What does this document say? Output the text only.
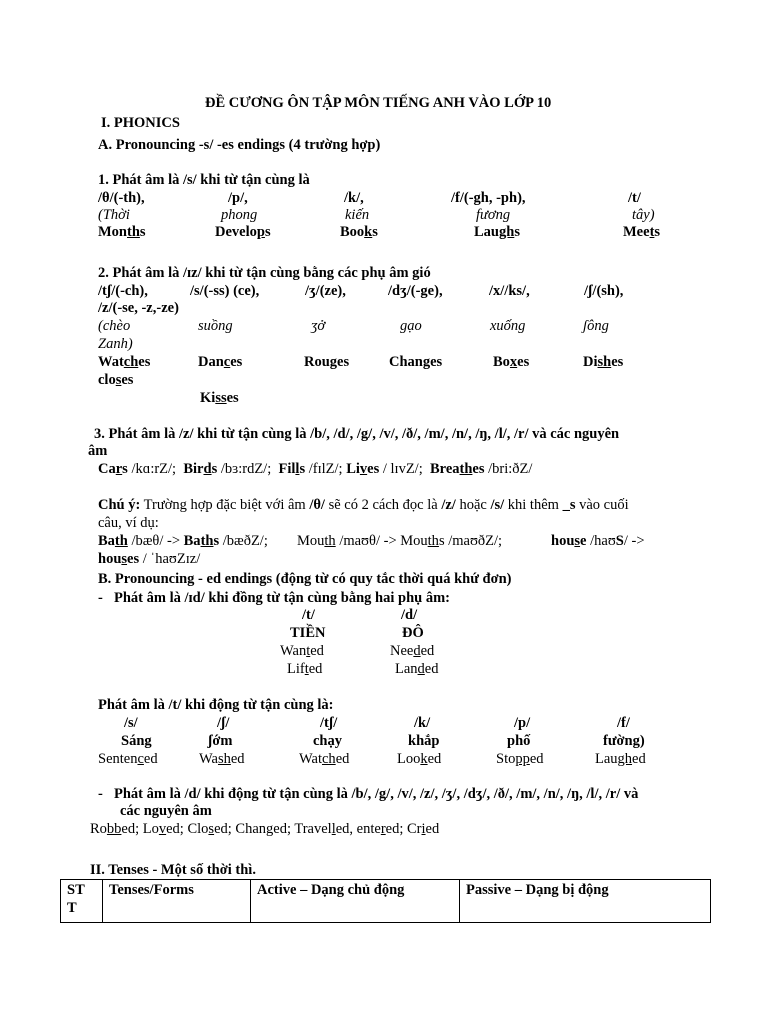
ĐỀ CƯƠNG ÔN TẬP MÔN TIẾNG ANH VÀO LỚP 10
I. PHONICS
A. Pronouncing -s/ -es endings (4 trường hợp)
1. Phát âm là /s/ khi từ tận cùng là
/θ/(-th),	/p/,	/k/,	/f/(-gh, -ph),	/t/
(Thời	phong	kiến	fương	tây)
Months	Develops	Books	Laughs	Meets
2. Phát âm là /ɪz/ khi từ tận cùng bằng các phụ âm gió
/tʃ/(-ch),	/s/(-ss) (ce),	/ʒ/(ze),	/dʒ/(-ge),	/x//ks/,	/ʃ/(sh),
/z/(-se, -z,-ze)
(chèo	suồng	ʒở	gạo	xuống	ʃông
Zanh)
Watches	Dances	Rouges	Changes	Boxes	Dishes
closes
Kisses
3. Phát âm là /z/ khi từ tận cùng là /b/, /d/, /g/, /v/, /ð/, /m/, /n/, /ŋ, /l/, /r/ và các nguyên
âm
Cars /kɑ:rZ/; Birds /bɜ:rdZ/; Fills /fɪlZ/; Lives / lɪvZ/; Breathes /bri:ðZ/
Chú ý: Trường hợp đặc biệt với âm /θ/ sẽ có 2 cách đọc là /z/ hoặc /s/ khi thêm _s vào cuối
câu, ví dụ:
Bath /bæθ/ -> Baths /bæðZ/; Mouth /maʊθ/ -> Mouths /maʊðZ/;	house /haʊS/ ->
houses / ˈhaʊZɪz/
B. Pronouncing - ed endings (động từ có quy tắc thời quá khứ đơn)
- Phát âm là /ɪd/ khi đồng từ tận cùng bằng hai phụ âm:
/t/	/d/
TIỀN	ĐÔ
Wanted	Needed
Lifted	Landed
Phát âm là /t/ khi động từ tận cùng là:
/s/	/ʃ/	/tʃ/	/k/	/p/	/f/
Sáng	ʃớm	chạy	khắp	phố	fường)
Sentenced	Washed	Watched	Looked	Stopped	Laughed
- Phát âm là /d/ khi động từ tận cùng là /b/, /g/, /v/, /z/, /ʒ/, /dʒ/, /ð/, /m/, /n/, /ŋ, /l/, /r/ và
các nguyên âm
Robbed; Loved; Closed; Changed; Travelled, entered; Cried
II. Tenses - Một số thời thì.
ST
T	Tenses/Forms	Active – Dạng chủ động	Passive – Dạng bị động
